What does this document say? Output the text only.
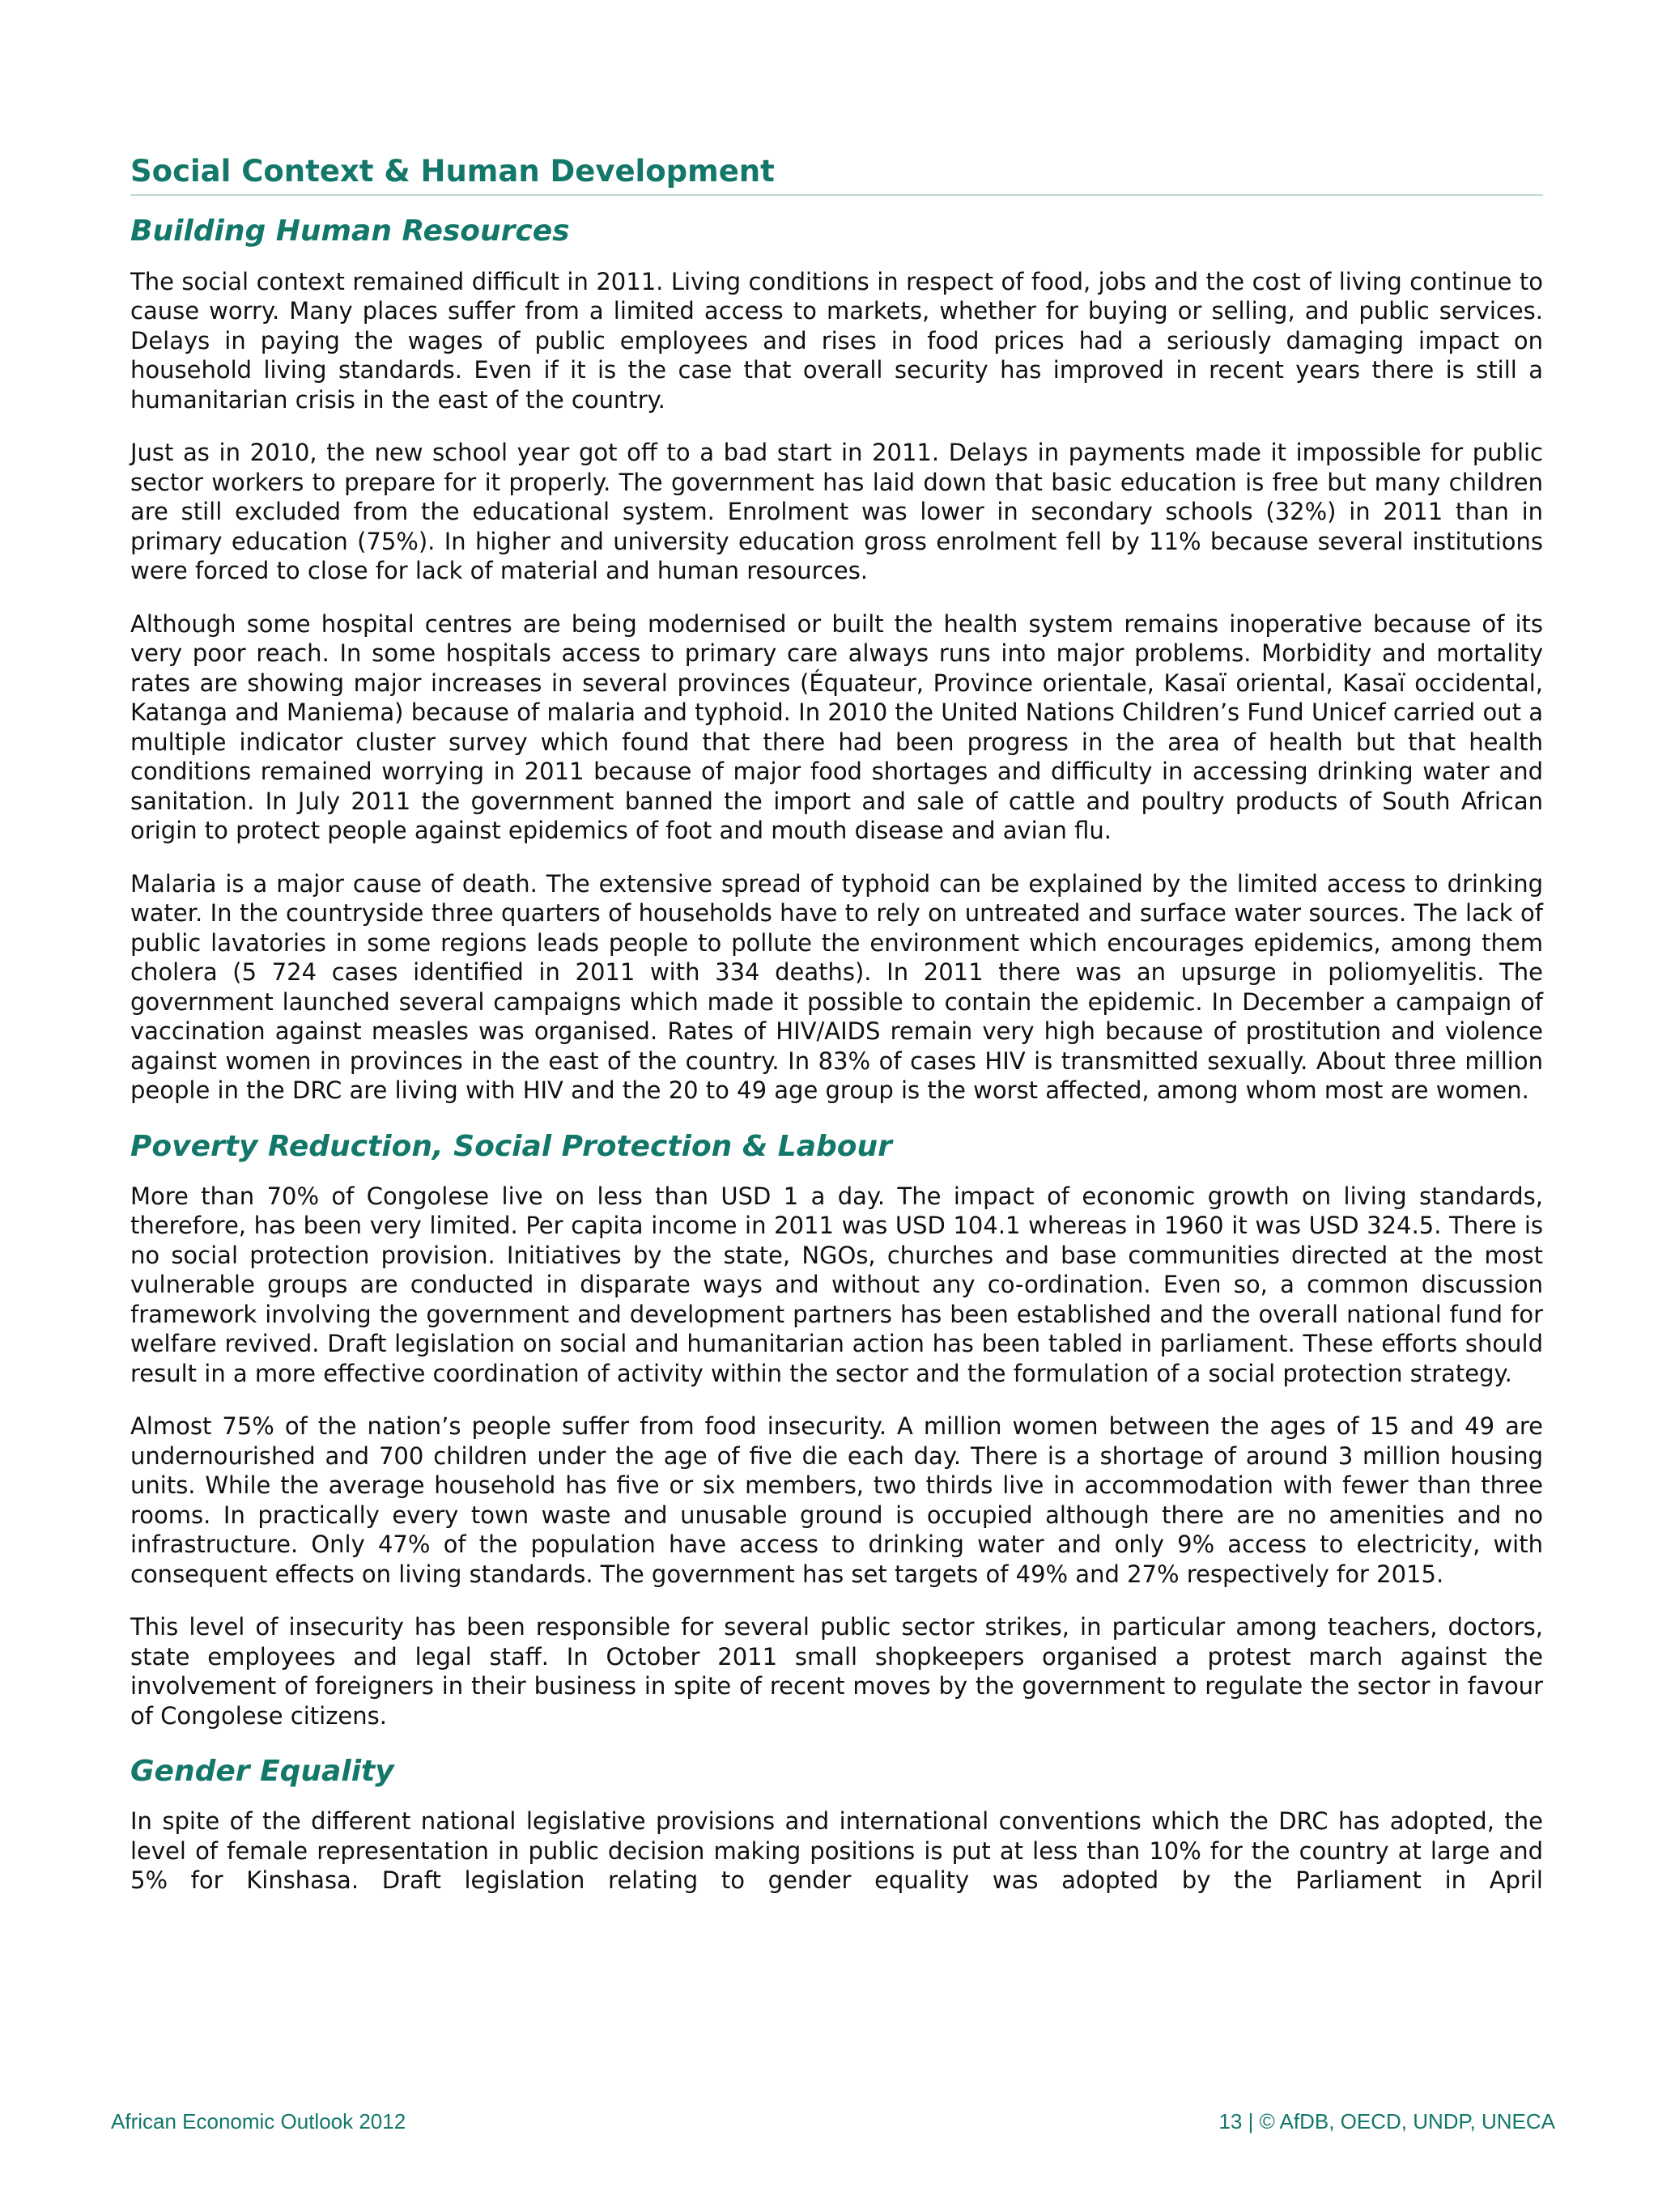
Social Context & Human Development
Building Human Resources

The social context remained difficult in 2011. Living conditions in respect of food, jobs and the cost of living continue to cause worry. Many places suffer from a limited access to markets, whether for buying or selling, and public services. Delays in paying the wages of public employees and rises in food prices had a seriously damaging impact on household living standards. Even if it is the case that overall security has improved in recent years there is still a humanitarian crisis in the east of the country.

Just as in 2010, the new school year got off to a bad start in 2011. Delays in payments made it impossible for public sector workers to prepare for it properly. The government has laid down that basic education is free but many children are still excluded from the educational system. Enrolment was lower in secondary schools (32%) in 2011 than in primary education (75%). In higher and university education gross enrolment fell by 11% because several institutions were forced to close for lack of material and human resources.

Although some hospital centres are being modernised or built the health system remains inoperative because of its very poor reach. In some hospitals access to primary care always runs into major problems. Morbidity and mortality rates are showing major increases in several provinces (Équateur, Province orientale, Kasaï oriental, Kasaï occidental, Katanga and Maniema) because of malaria and typhoid. In 2010 the United Nations Children’s Fund Unicef carried out a multiple indicator cluster survey which found that there had been progress in the area of health but that health conditions remained worrying in 2011 because of major food shortages and difficulty in accessing drinking water and sanitation. In July 2011 the government banned the import and sale of cattle and poultry products of South African origin to protect people against epidemics of foot and mouth disease and avian flu.

Malaria is a major cause of death. The extensive spread of typhoid can be explained by the limited access to drinking water. In the countryside three quarters of households have to rely on untreated and surface water sources. The lack of public lavatories in some regions leads people to pollute the environment which encourages epidemics, among them cholera (5 724 cases identified in 2011 with 334 deaths). In 2011 there was an upsurge in poliomyelitis. The government launched several campaigns which made it possible to contain the epidemic. In December a campaign of vaccination against measles was organised. Rates of HIV/AIDS remain very high because of prostitution and violence against women in provinces in the east of the country. In 83% of cases HIV is transmitted sexually. About three million people in the DRC are living with HIV and the 20 to 49 age group is the worst affected, among whom most are women.

Poverty Reduction, Social Protection & Labour

More than 70% of Congolese live on less than USD 1 a day. The impact of economic growth on living standards, therefore, has been very limited. Per capita income in 2011 was USD 104.1 whereas in 1960 it was USD 324.5. There is no social protection provision. Initiatives by the state, NGOs, churches and base communities directed at the most vulnerable groups are conducted in disparate ways and without any co-ordination. Even so, a common discussion framework involving the government and development partners has been established and the overall national fund for welfare revived. Draft legislation on social and humanitarian action has been tabled in parliament. These efforts should result in a more effective coordination of activity within the sector and the formulation of a social protection strategy.

Almost 75% of the nation’s people suffer from food insecurity. A million women between the ages of 15 and 49 are undernourished and 700 children under the age of five die each day. There is a shortage of around 3 million housing units. While the average household has five or six members, two thirds live in accommodation with fewer than three rooms. In practically every town waste and unusable ground is occupied although there are no amenities and no infrastructure. Only 47% of the population have access to drinking water and only 9% access to electricity, with consequent effects on living standards. The government has set targets of 49% and 27% respectively for 2015.

This level of insecurity has been responsible for several public sector strikes, in particular among teachers, doctors, state employees and legal staff. In October 2011 small shopkeepers organised a protest march against the involvement of foreigners in their business in spite of recent moves by the government to regulate the sector in favour of Congolese citizens.

Gender Equality

In spite of the different national legislative provisions and international conventions which the DRC has adopted, the level of female representation in public decision making positions is put at less than 10% for the country at large and 5% for Kinshasa. Draft legislation relating to gender equality was adopted by the Parliament in April

African Economic Outlook 2012	13 | © AfDB, OECD, UNDP, UNECA
